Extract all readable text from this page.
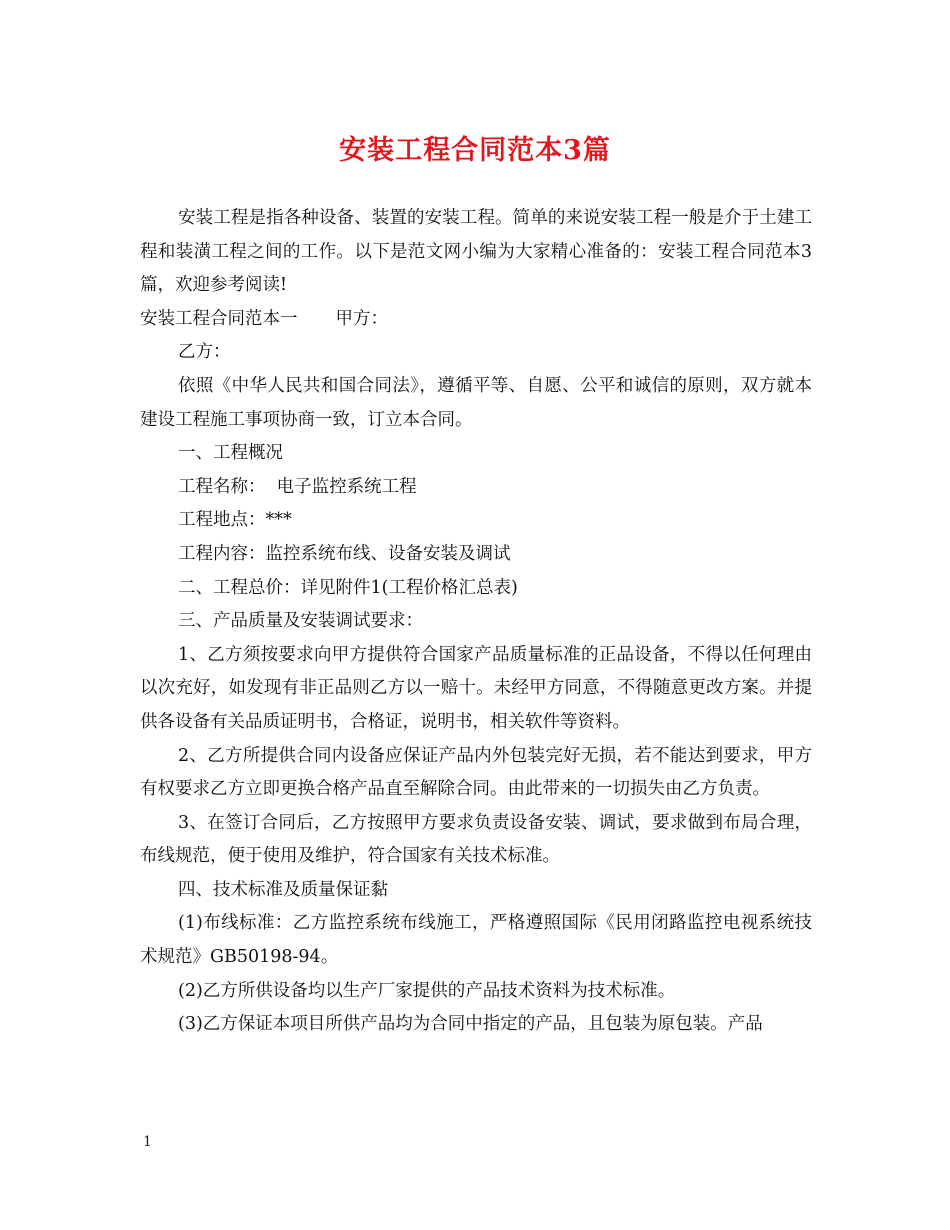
安装工程合同范本3篇

安装工程是指各种设备、装置的安装工程。简单的来说安装工程一般是介于土建工程和装潢工程之间的工作。以下是范文网小编为大家精心准备的：安装工程合同范本3篇，欢迎参考阅读!

安装工程合同范本一 甲方：

乙方：

依照《中华人民共和国合同法》，遵循平等、自愿、公平和诚信的原则，双方就本建设工程施工事项协商一致，订立本合同。

一、工程概况

工程名称：  电子监控系统工程

工程地点：***

工程内容：监控系统布线、设备安装及调试

二、工程总价：详见附件1(工程价格汇总表)

三、产品质量及安装调试要求：

1、乙方须按要求向甲方提供符合国家产品质量标准的正品设备，不得以任何理由以次充好，如发现有非正品则乙方以一赔十。未经甲方同意，不得随意更改方案。并提供各设备有关品质证明书，合格证，说明书，相关软件等资料。

2、乙方所提供合同内设备应保证产品内外包装完好无损，若不能达到要求，甲方有权要求乙方立即更换合格产品直至解除合同。由此带来的一切损失由乙方负责。

3、在签订合同后，乙方按照甲方要求负责设备安装、调试，要求做到布局合理，布线规范，便于使用及维护，符合国家有关技术标准。

四、技术标准及质量保证黏

(1)布线标准：乙方监控系统布线施工，严格遵照国际《民用闭路监控电视系统技术规范》GB50198-94。

(2)乙方所供设备均以生产厂家提供的产品技术资料为技术标准。

(3)乙方保证本项目所供产品均为合同中指定的产品，且包装为原包装。产品

1
